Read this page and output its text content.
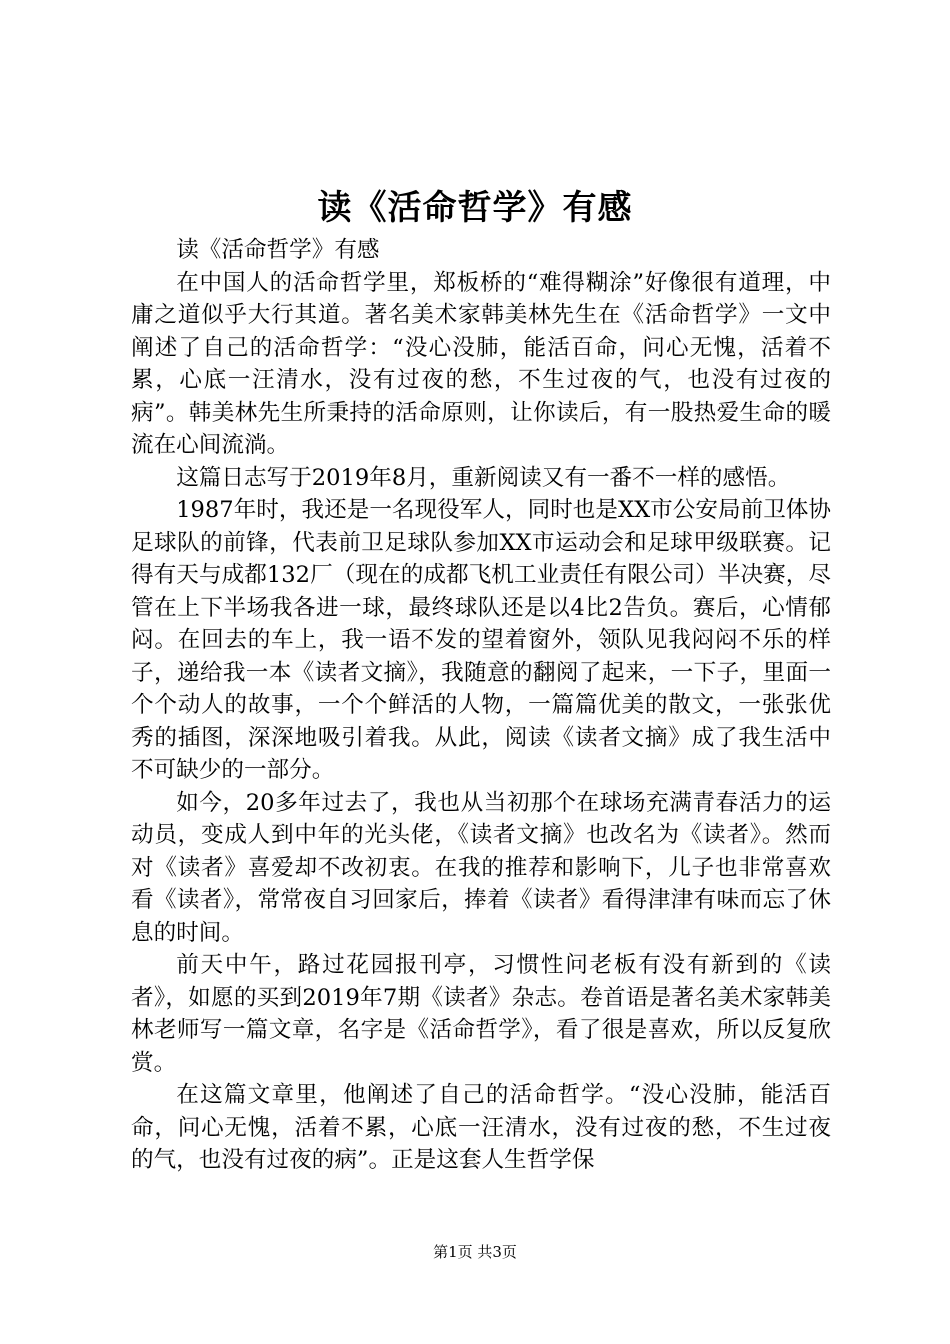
读《活命哲学》有感

读《活命哲学》有感

在中国人的活命哲学里，郑板桥的“难得糊涂”好像很有道理，中庸之道似乎大行其道。著名美术家韩美林先生在《活命哲学》一文中阐述了自己的活命哲学：“没心没肺，能活百命，问心无愧，活着不累，心底一汪清水，没有过夜的愁，不生过夜的气，也没有过夜的病”。韩美林先生所秉持的活命原则，让你读后，有一股热爱生命的暖流在心间流淌。

这篇日志写于2019年8月，重新阅读又有一番不一样的感悟。

1987年时，我还是一名现役军人，同时也是XX市公安局前卫体协足球队的前锋，代表前卫足球队参加XX市运动会和足球甲级联赛。记得有天与成都132厂（现在的成都飞机工业责任有限公司）半决赛，尽管在上下半场我各进一球，最终球队还是以4比2告负。赛后，心情郁闷。在回去的车上，我一语不发的望着窗外，领队见我闷闷不乐的样子，递给我一本《读者文摘》，我随意的翻阅了起来，一下子，里面一个个动人的故事，一个个鲜活的人物，一篇篇优美的散文，一张张优秀的插图，深深地吸引着我。从此，阅读《读者文摘》成了我生活中不可缺少的一部分。

如今，20多年过去了，我也从当初那个在球场充满青春活力的运动员，变成人到中年的光头佬，《读者文摘》也改名为《读者》。然而对《读者》喜爱却不改初衷。在我的推荐和影响下，儿子也非常喜欢看《读者》，常常夜自习回家后，捧着《读者》看得津津有味而忘了休息的时间。

前天中午，路过花园报刊亭，习惯性问老板有没有新到的《读者》，如愿的买到2019年7期《读者》杂志。卷首语是著名美术家韩美林老师写一篇文章，名字是《活命哲学》，看了很是喜欢，所以反复欣赏。

在这篇文章里，他阐述了自己的活命哲学。“没心没肺，能活百命，问心无愧，活着不累，心底一汪清水，没有过夜的愁，不生过夜的气，也没有过夜的病”。正是这套人生哲学保

第1页 共3页
